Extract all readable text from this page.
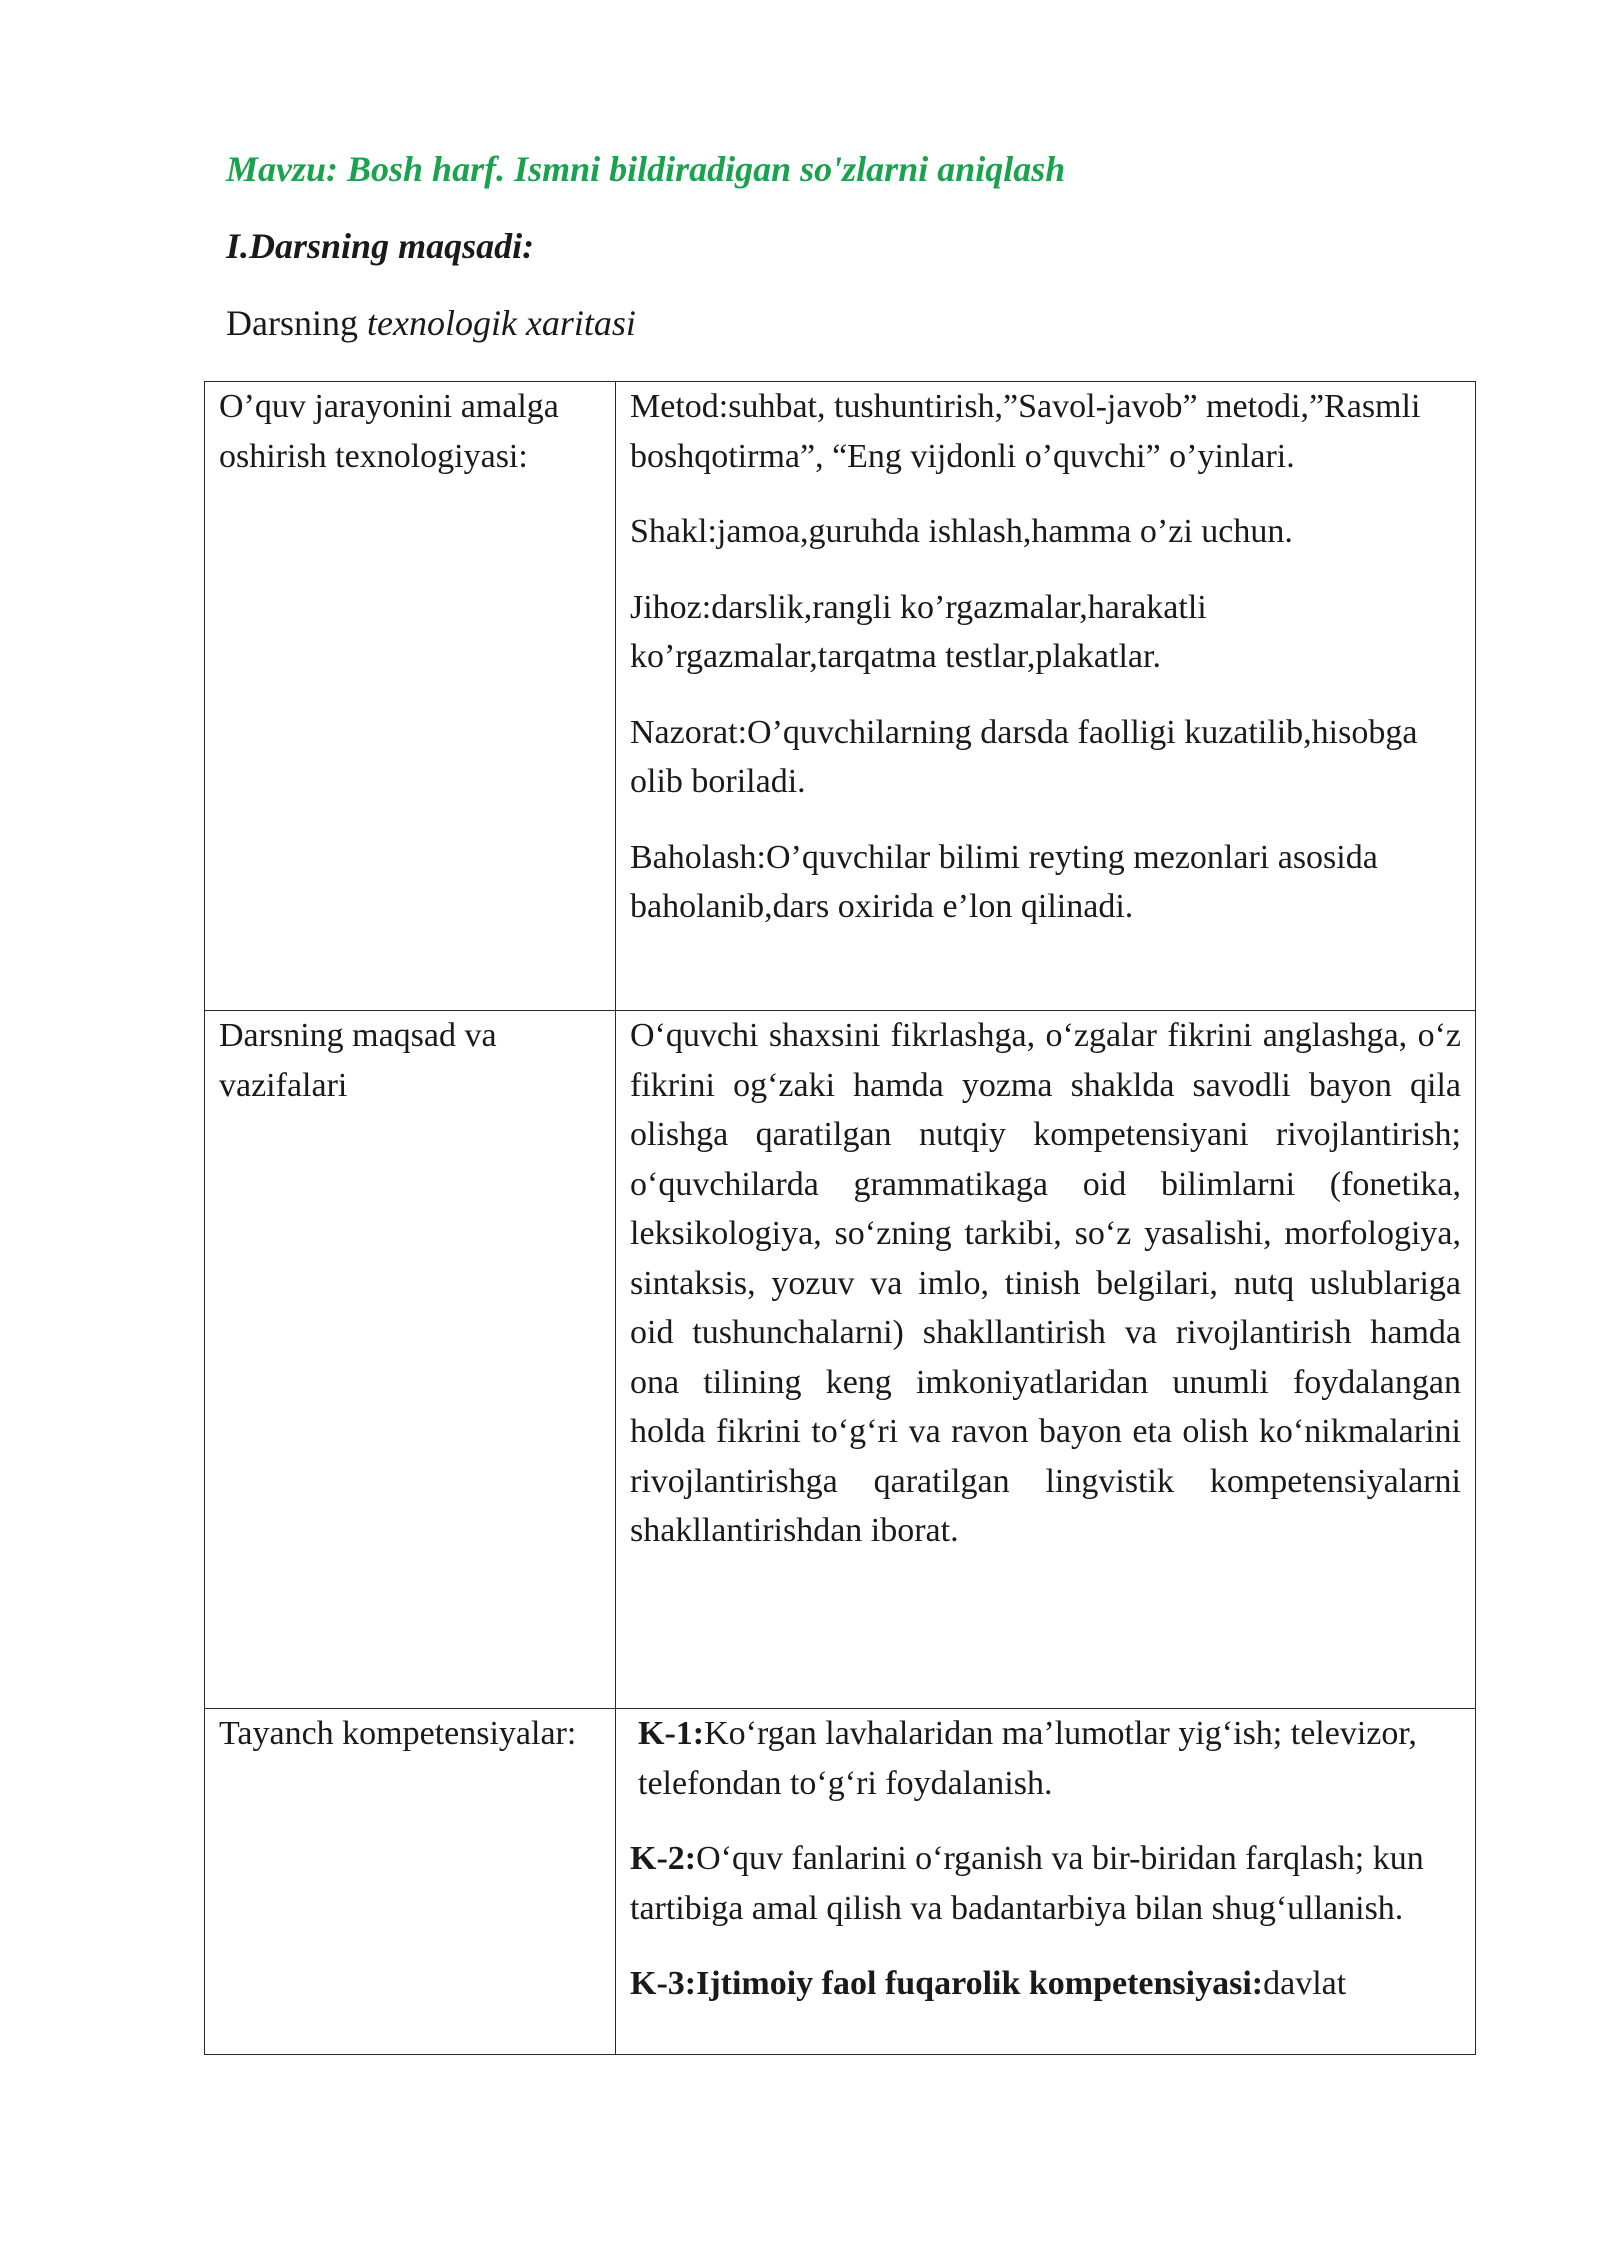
Mavzu: Bosh harf. Ismni bildiradigan so'zlarni aniqlash
I.Darsning maqsadi:
Darsning texnologik xaritasi
O’quv jarayonini amalga oshirish texnologiyasi:	Metod:suhbat, tushuntirish,”Savol-javob” metodi,”Rasmli boshqotirma”, “Eng vijdonli o’quvchi” o’yinlari.

Shakl:jamoa,guruhda ishlash,hamma o’zi uchun.

Jihoz:darslik,rangli ko’rgazmalar,harakatli ko’rgazmalar,tarqatma testlar,plakatlar.

Nazorat:O’quvchilarning darsda faolligi kuzatilib,hisobga olib boriladi.

Baholash:O’quvchilar bilimi reyting mezonlari asosida baholanib,dars oxirida e’lon qilinadi.

Darsning maqsad va vazifalari	O‘quvchi shaxsini fikrlashga, o‘zgalar fikrini anglashga, o‘z fikrini og‘zaki hamda yozma shaklda savodli bayon qila olishga qaratilgan nutqiy kompetensiyani rivojlantirish; o‘quvchilarda grammatikaga oid bilimlarni (fonetika, leksikologiya, so‘zning tarkibi, so‘z yasalishi, morfologiya, sintaksis, yozuv va imlo, tinish belgilari, nutq uslublariga oid tushunchalarni) shakllantirish va rivojlantirish hamda ona tilining keng imkoniyatlaridan unumli foydalangan holda fikrini to‘g‘ri va ravon bayon eta olish ko‘nikmalarini rivojlantirishga qaratilgan lingvistik kompetensiyalarni shakllantirishdan iborat.

Tayanch kompetensiyalar:	K-1:Ko‘rgan lavhalaridan ma’lumotlar yig‘ish; televizor, telefondan to‘g‘ri foydalanish.

K-2:O‘quv fanlarini o‘rganish va bir-biridan farqlash; kun tartibiga amal qilish va badantarbiya bilan shug‘ullanish.

K-3:Ijtimoiy faol fuqarolik kompetensiyasi:davlat
